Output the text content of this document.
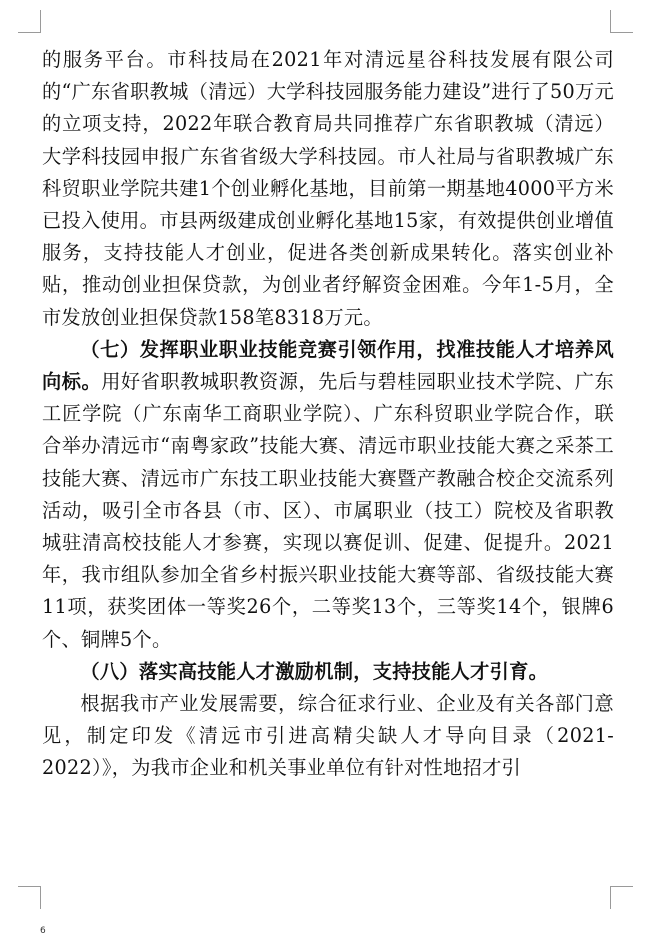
的服务平台。市科技局在2021年对清远星谷科技发展有限公司的“广东省职教城（清远）大学科技园服务能力建设”进行了50万元的立项支持，2022年联合教育局共同推荐广东省职教城（清远）大学科技园申报广东省省级大学科技园。市人社局与省职教城广东科贸职业学院共建1个创业孵化基地，目前第一期基地4000平方米已投入使用。市县两级建成创业孵化基地15家，有效提供创业增值服务，支持技能人才创业，促进各类创新成果转化。落实创业补贴，推动创业担保贷款，为创业者纾解资金困难。今年1-5月，全市发放创业担保贷款158笔8318万元。

（七）发挥职业职业技能竞赛引领作用，找准技能人才培养风向标。用好省职教城职教资源，先后与碧桂园职业技术学院、广东工匠学院（广东南华工商职业学院）、广东科贸职业学院合作，联合举办清远市“南粤家政”技能大赛、清远市职业技能大赛之采茶工技能大赛、清远市广东技工职业技能大赛暨产教融合校企交流系列活动，吸引全市各县（市、区）、市属职业（技工）院校及省职教城驻清高校技能人才参赛，实现以赛促训、促建、促提升。2021年，我市组队参加全省乡村振兴职业技能大赛等部、省级技能大赛11项，获奖团体一等奖26个，二等奖13个，三等奖14个，银牌6个、铜牌5个。

（八）落实高技能人才激励机制，支持技能人才引育。

根据我市产业发展需要，综合征求行业、企业及有关各部门意见，制定印发《清远市引进高精尖缺人才导向目录（2021-2022）》，为我市企业和机关事业单位有针对性地招才引

6
